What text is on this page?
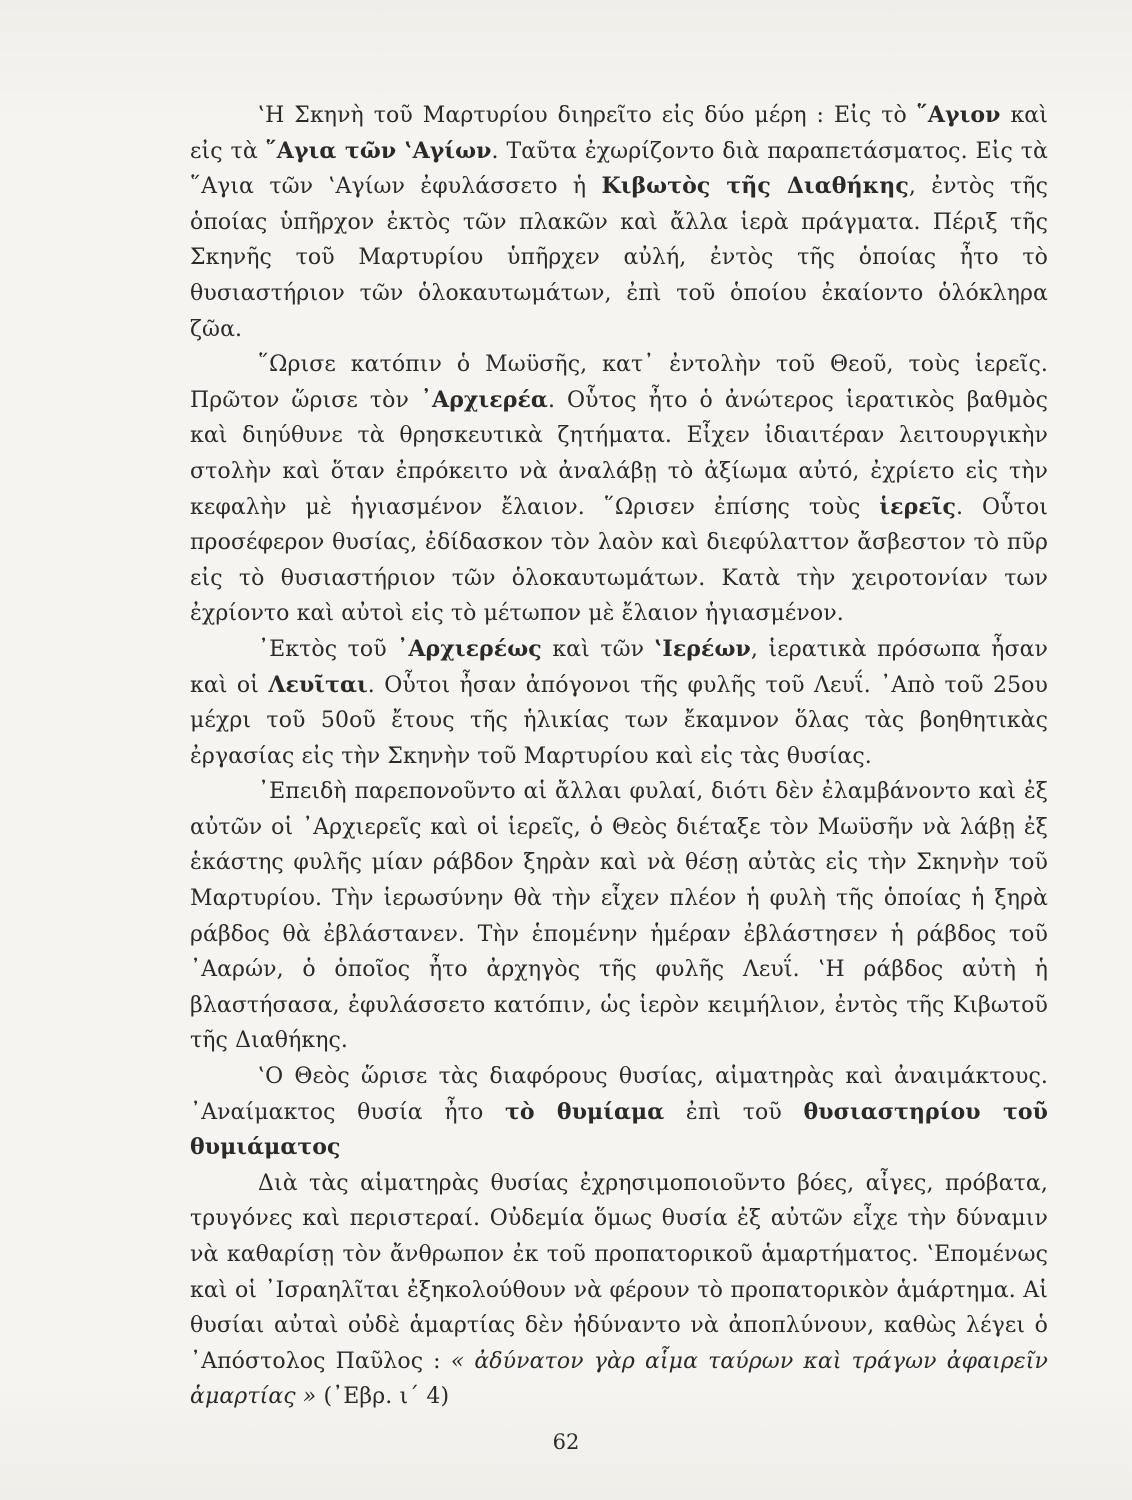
‛Η Σκηνὴ τοῦ Μαρτυρίου διηρεῖτο εἰς δύο μέρη : Εἰς τὸ ῞Αγιον καὶ εἰς τὰ ῞Αγια τῶν ‛Αγίων. Ταῦτα ἐχωρίζοντο διὰ παραπετάσματος. Εἰς τὰ ῞Αγια τῶν ‛Αγίων ἐφυλάσσετο ἡ Κιβωτὸς τῆς Διαθήκης, ἐντὸς τῆς ὁποίας ὑπῆρχον ἐκτὸς τῶν πλακῶν καὶ ἄλλα ἱερὰ πράγματα. Πέριξ τῆς Σκηνῆς τοῦ Μαρτυρίου ὑπῆρχεν αὐλή, ἐντὸς τῆς ὁποίας ἦτο τὸ θυσιαστήριον τῶν ὁλοκαυτωμάτων, ἐπὶ τοῦ ὁποίου ἐκαίοντο ὁλόκληρα ζῶα.

῞Ωρισε κατόπιν ὁ Μωϋσῆς, κατ᾽ ἐντολὴν τοῦ Θεοῦ, τοὺς ἱερεῖς. Πρῶτον ὥρισε τὸν ᾽Αρχιερέα. Οὗτος ἦτο ὁ ἀνώτερος ἱερατικὸς βαθμὸς καὶ διηύθυνε τὰ θρησκευτικὰ ζητήματα. Εἶχεν ἰδιαιτέραν λειτουργικὴν στολὴν καὶ ὅταν ἐπρόκειτο νὰ ἀναλάβῃ τὸ ἀξίωμα αὐτό, ἐχρίετο εἰς τὴν κεφαλὴν μὲ ἡγιασμένον ἔλαιον. ῞Ωρισεν ἐπίσης τοὺς ἱερεῖς. Οὗτοι προσέφερον θυσίας, ἐδίδασκον τὸν λαὸν καὶ διεφύλαττον ἄσβεστον τὸ πῦρ εἰς τὸ θυσιαστήριον τῶν ὁλοκαυτωμάτων. Κατὰ τὴν χειροτονίαν των ἐχρίοντο καὶ αὐτοὶ εἰς τὸ μέτωπον μὲ ἔλαιον ἡγιασμένον.

᾽Εκτὸς τοῦ ᾽Αρχιερέως καὶ τῶν ‛Ιερέων, ἱερατικὰ πρόσωπα ἦσαν καὶ οἱ Λευῖται. Οὗτοι ἦσαν ἀπόγονοι τῆς φυλῆς τοῦ Λευΐ. ᾽Απὸ τοῦ 25ου μέχρι τοῦ 50οῦ ἔτους τῆς ἡλικίας των ἔκαμνον ὅλας τὰς βοηθητικὰς ἐργασίας εἰς τὴν Σκηνὴν τοῦ Μαρτυρίου καὶ εἰς τὰς θυσίας.

᾽Επειδὴ παρεπονοῦντο αἱ ἄλλαι φυλαί, διότι δὲν ἐλαμβάνοντο καὶ ἐξ αὐτῶν οἱ ᾽Αρχιερεῖς καὶ οἱ ἱερεῖς, ὁ Θεὸς διέταξε τὸν Μωϋσῆν νὰ λάβῃ ἐξ ἑκάστης φυλῆς μίαν ράβδον ξηρὰν καὶ νὰ θέσῃ αὐτὰς εἰς τὴν Σκηνὴν τοῦ Μαρτυρίου. Τὴν ἱερωσύνην θὰ τὴν εἶχεν πλέον ἡ φυλὴ τῆς ὁποίας ἡ ξηρὰ ράβδος θὰ ἐβλάστανεν. Τὴν ἑπομένην ἡμέραν ἐβλάστησεν ἡ ράβδος τοῦ ᾽Ααρών, ὁ ὁποῖος ἦτο ἀρχηγὸς τῆς φυλῆς Λευΐ. ‛Η ράβδος αὐτὴ ἡ βλαστήσασα, ἐφυλάσσετο κατόπιν, ὡς ἱερὸν κειμήλιον, ἐντὸς τῆς Κιβωτοῦ τῆς Διαθήκης.

‛Ο Θεὸς ὥρισε τὰς διαφόρους θυσίας, αἱματηρὰς καὶ ἀναιμάκτους. ᾽Αναίμακτος θυσία ἦτο τὸ θυμίαμα ἐπὶ τοῦ θυσιαστηρίου τοῦ θυμιάματος

Διὰ τὰς αἱματηρὰς θυσίας ἐχρησιμοποιοῦντο βόες, αἶγες, πρόβατα, τρυγόνες καὶ περιστεραί. Οὐδεμία ὅμως θυσία ἐξ αὐτῶν εἶχε τὴν δύναμιν νὰ καθαρίσῃ τὸν ἄνθρωπον ἐκ τοῦ προπατορικοῦ ἁμαρτήματος. ‛Επομένως καὶ οἱ ᾽Ισραηλῖται ἐξηκολούθουν νὰ φέρουν τὸ προπατορικὸν ἁμάρτημα. Αἱ θυσίαι αὐταὶ οὐδὲ ἁμαρτίας δὲν ἠδύναντο νὰ ἀποπλύνουν, καθὼς λέγει ὁ ᾽Απόστολος Παῦλος : « ἀδύνατον γὰρ αἷμα ταύρων καὶ τράγων ἀφαιρεῖν ἁμαρτίας » (᾽Εβρ. ι´ 4)

62
